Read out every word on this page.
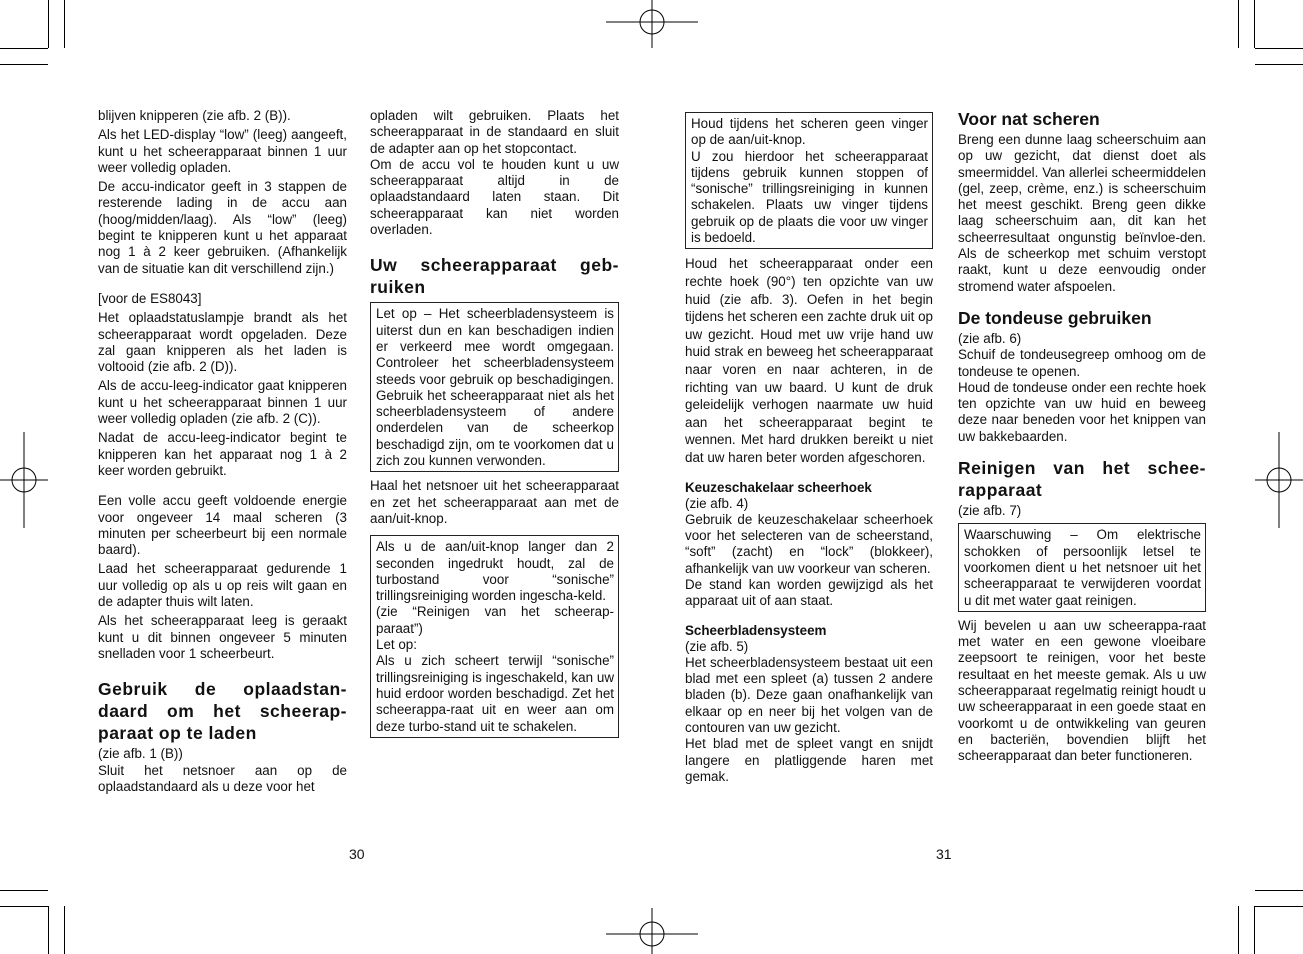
blijven knipperen (zie afb. 2 (B)).

Als het LED-display “low” (leeg) aangeeft, kunt u het scheerapparaat binnen 1 uur weer volledig opladen.

De accu-indicator geeft in 3 stappen de resterende lading in de accu aan (hoog/midden/laag). Als “low” (leeg) begint te knipperen kunt u het apparaat nog 1 à 2 keer gebruiken. (Afhankelijk van de situatie kan dit verschillend zijn.)

[voor de ES8043]

Het oplaadstatuslampje brandt als het scheerapparaat wordt opgeladen. Deze zal gaan knipperen als het laden is voltooid (zie afb. 2 (D)).

Als de accu-leeg-indicator gaat knipperen kunt u het scheerapparaat binnen 1 uur weer volledig opladen (zie afb. 2 (C)).

Nadat de accu-leeg-indicator begint te knipperen kan het apparaat nog 1 à 2 keer worden gebruikt.

Een volle accu geeft voldoende energie voor ongeveer 14 maal scheren (3 minuten per scheerbeurt bij een normale baard).

Laad het scheerapparaat gedurende 1 uur volledig op als u op reis wilt gaan en de adapter thuis wilt laten.

Als het scheerapparaat leeg is geraakt kunt u dit binnen ongeveer 5 minuten snelladen voor 1 scheerbeurt.

Gebruik de oplaadstan-daard om het scheerap-paraat op te laden

(zie afb. 1 (B))

Sluit het netsnoer aan op de oplaadstandaard als u deze voor het

opladen wilt gebruiken. Plaats het scheerapparaat in de standaard en sluit de adapter aan op het stopcontact.

Om de accu vol te houden kunt u uw scheerapparaat altijd in de oplaadstandaard laten staan. Dit scheerapparaat kan niet worden overladen.

Uw scheerapparaat geb-ruiken

Let op – Het scheerbladensysteem is uiterst dun en kan beschadigen indien er verkeerd mee wordt omgegaan. Controleer het scheerbladensysteem steeds voor gebruik op beschadigingen. Gebruik het scheerapparaat niet als het scheerbladensysteem of andere onderdelen van de scheerkop beschadigd zijn, om te voorkomen dat u zich zou kunnen verwonden.

Haal het netsnoer uit het scheerapparaat en zet het scheerapparaat aan met de aan/uit-knop.

Als u de aan/uit-knop langer dan 2 seconden ingedrukt houdt, zal de turbostand voor “sonische” trillingsreiniging worden ingescha-keld.

(zie “Reinigen van het scheerap-paraat”)

Let op:

Als u zich scheert terwijl “sonische” trillingsreiniging is ingeschakeld, kan uw huid erdoor worden beschadigd. Zet het scheerappa-raat uit en weer aan om deze turbo-stand uit te schakelen.

30

Houd tijdens het scheren geen vinger op de aan/uit-knop.

U zou hierdoor het scheerapparaat tijdens gebruik kunnen stoppen of “sonische” trillingsreiniging in kunnen schakelen. Plaats uw vinger tijdens gebruik op de plaats die voor uw vinger is bedoeld.

Houd het scheerapparaat onder een rechte hoek (90°) ten opzichte van uw huid (zie afb. 3). Oefen in het begin tijdens het scheren een zachte druk uit op uw gezicht. Houd met uw vrije hand uw huid strak en beweeg het scheerapparaat naar voren en naar achteren, in de richting van uw baard. U kunt de druk geleidelijk verhogen naarmate uw huid aan het scheerapparaat begint te wennen. Met hard drukken bereikt u niet dat uw haren beter worden afgeschoren.

Keuzeschakelaar scheerhoek

(zie afb. 4)

Gebruik de keuzeschakelaar scheerhoek voor het selecteren van de scheerstand, “soft” (zacht) en “lock” (blokkeer), afhankelijk van uw voorkeur van scheren.

De stand kan worden gewijzigd als het apparaat uit of aan staat.

Scheerbladensysteem

(zie afb. 5)

Het scheerbladensysteem bestaat uit een blad met een spleet (a) tussen 2 andere bladen (b). Deze gaan onafhankelijk van elkaar op en neer bij het volgen van de contouren van uw gezicht.

Het blad met de spleet vangt en snijdt langere en platliggende haren met gemak.

Voor nat scheren

Breng een dunne laag scheerschuim aan op uw gezicht, dat dienst doet als smeermiddel. Van allerlei scheermiddelen (gel, zeep, crème, enz.) is scheerschuim het meest geschikt. Breng geen dikke laag scheerschuim aan, dit kan het scheerresultaat ongunstig beïnvloe-den. Als de scheerkop met schuim verstopt raakt, kunt u deze eenvoudig onder stromend water afspoelen.

De tondeuse gebruiken

(zie afb. 6)

Schuif de tondeusegreep omhoog om de tondeuse te openen.

Houd de tondeuse onder een rechte hoek ten opzichte van uw huid en beweeg deze naar beneden voor het knippen van uw bakkebaarden.

Reinigen van het schee-rapparaat

(zie afb. 7)

Waarschuwing – Om elektrische schokken of persoonlijk letsel te voorkomen dient u het netsnoer uit het scheerapparaat te verwijderen voordat u dit met water gaat reinigen.

Wij bevelen u aan uw scheerappa-raat met water en een gewone vloeibare zeepsoort te reinigen, voor het beste resultaat en het meeste gemak. Als u uw scheerapparaat regelmatig reinigt houdt u uw scheerapparaat in een goede staat en voorkomt u de ontwikkeling van geuren en bacteriën, bovendien blijft het scheerapparaat dan beter functioneren.

31
